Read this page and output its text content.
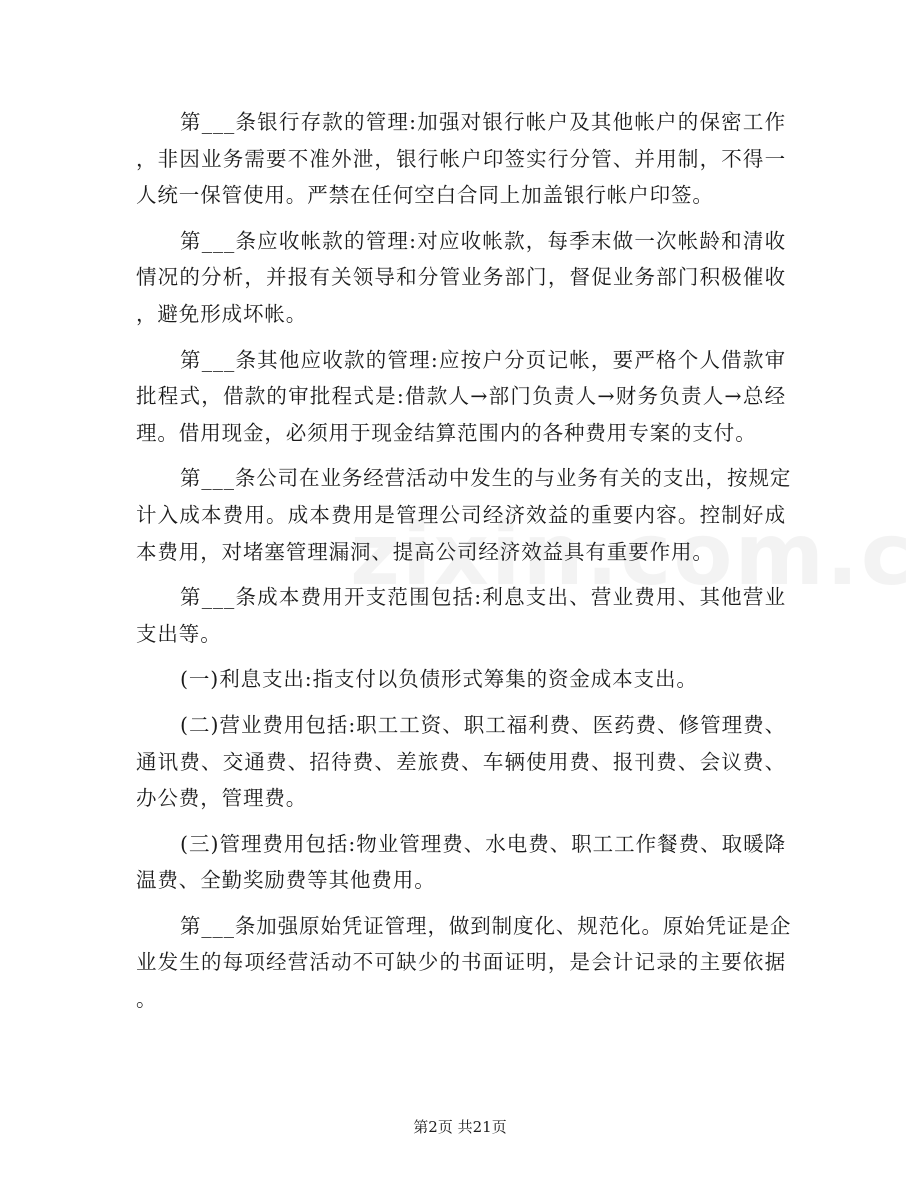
第___条银行存款的管理:加强对银行帐户及其他帐户的保密工作
，非因业务需要不准外泄，银行帐户印签实行分管、并用制，不得一
人统一保管使用。严禁在任何空白合同上加盖银行帐户印签。
第___条应收帐款的管理:对应收帐款，每季末做一次帐龄和清收
情况的分析，并报有关领导和分管业务部门，督促业务部门积极催收
，避免形成坏帐。
第___条其他应收款的管理:应按户分页记帐，要严格个人借款审
批程式，借款的审批程式是:借款人→部门负责人→财务负责人→总经
理。借用现金，必须用于现金结算范围内的各种费用专案的支付。
第___条公司在业务经营活动中发生的与业务有关的支出，按规定
计入成本费用。成本费用是管理公司经济效益的重要内容。控制好成
本费用，对堵塞管理漏洞、提高公司经济效益具有重要作用。
第___条成本费用开支范围包括:利息支出、营业费用、其他营业
支出等。
(一)利息支出:指支付以负债形式筹集的资金成本支出。
(二)营业费用包括:职工工资、职工福利费、医药费、修管理费、
通讯费、交通费、招待费、差旅费、车辆使用费、报刊费、会议费、
办公费，管理费。
(三)管理费用包括:物业管理费、水电费、职工工作餐费、取暖降
温费、全勤奖励费等其他费用。
第___条加强原始凭证管理，做到制度化、规范化。原始凭证是企
业发生的每项经营活动不可缺少的书面证明，是会计记录的主要依据
。
第2页 共21页
